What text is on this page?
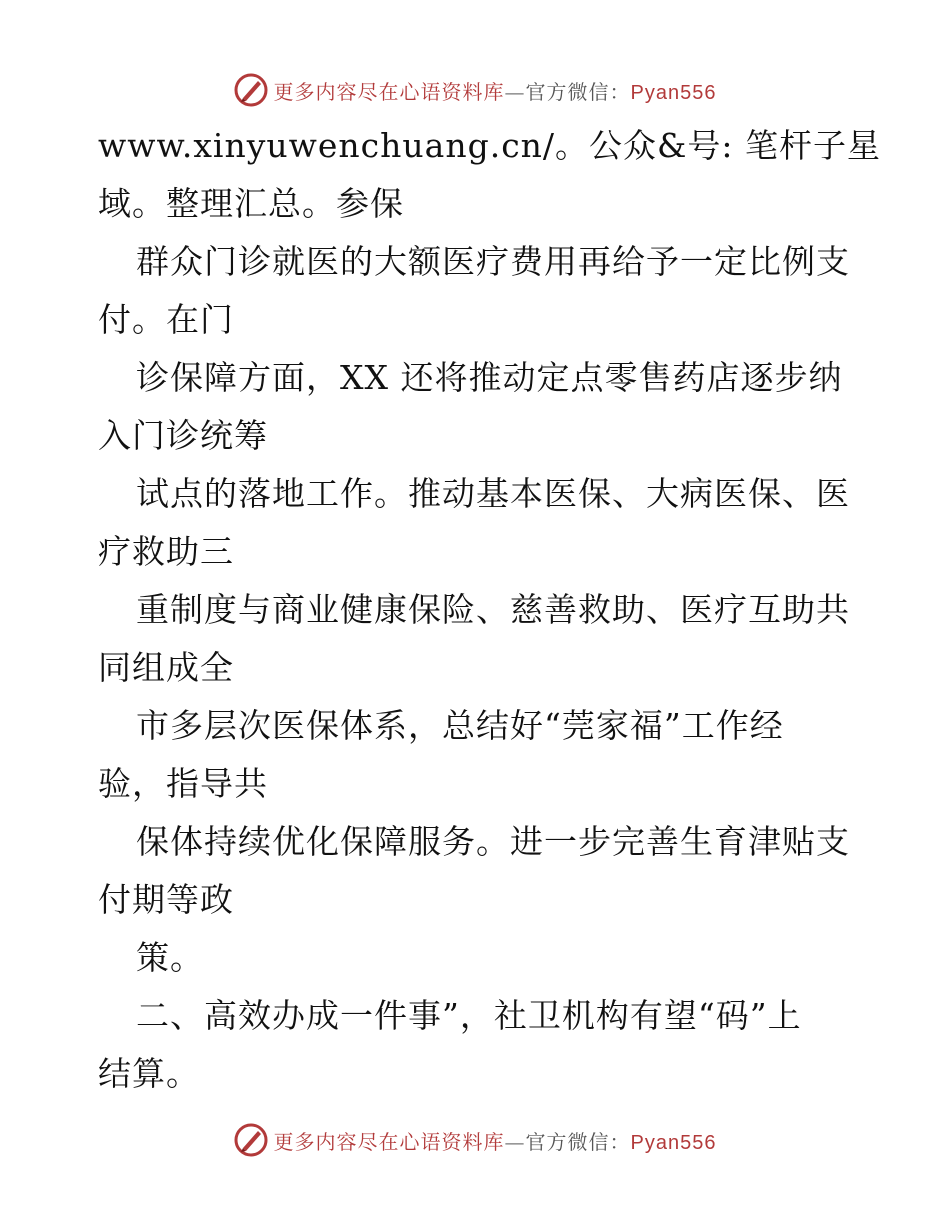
更多内容尽在心语资料库—官方微信：Pyan556
www.xinyuwenchuang.cn/。公众&号: 笔杆子星
域。整理汇总。参保
群众门诊就医的大额医疗费用再给予一定比例支
付。在门
诊保障方面，XX 还将推动定点零售药店逐步纳
入门诊统筹
试点的落地工作。推动基本医保、大病医保、医
疗救助三
重制度与商业健康保险、慈善救助、医疗互助共
同组成全
市多层次医保体系，总结好“莞家福”工作经
验，指导共
保体持续优化保障服务。进一步完善生育津贴支
付期等政
策。
二、高效办成一件事”，社卫机构有望“码”上
结算。
更多内容尽在心语资料库—官方微信：Pyan556
